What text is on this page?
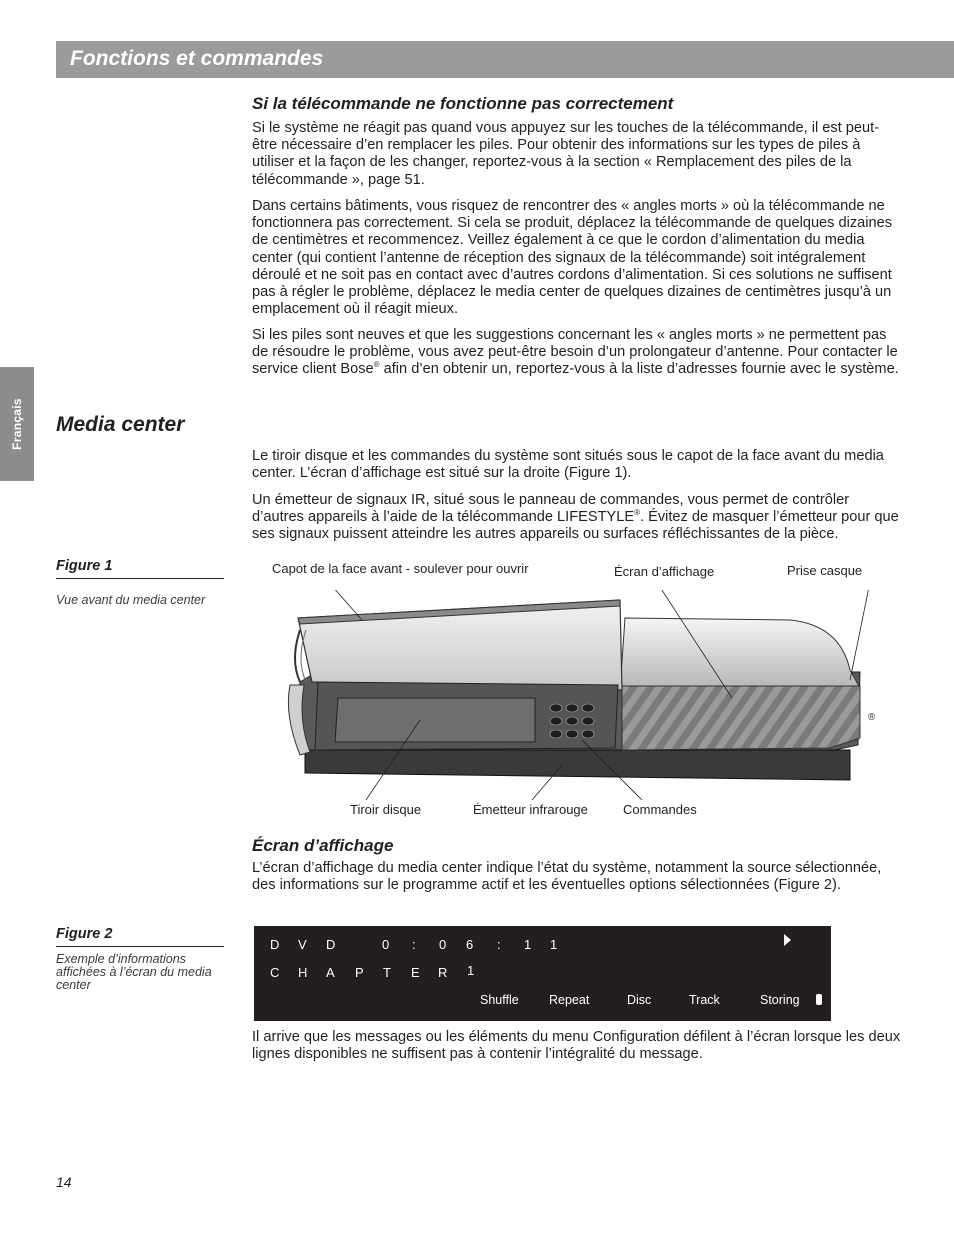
Fonctions et commandes
Français
Si la télécommande ne fonctionne pas correctement
Si le système ne réagit pas quand vous appuyez sur les touches de la télécommande, il est peut-être nécessaire d’en remplacer les piles. Pour obtenir des informations sur les types de piles à utiliser et la façon de les changer, reportez-vous à la section « Remplacement des piles de la télécommande », page 51.
Dans certains bâtiments, vous risquez de rencontrer des « angles morts » où la télécommande ne fonctionnera pas correctement. Si cela se produit, déplacez la télécommande de quelques dizaines de centimètres et recommencez. Veillez également à ce que le cordon d’alimentation du media center (qui contient l’antenne de réception des signaux de la télécommande) soit intégralement déroulé et ne soit pas en contact avec d’autres cordons d’alimentation. Si ces solutions ne suffisent pas à régler le problème, déplacez le media center de quelques dizaines de centimètres jusqu’à un emplacement où il réagit mieux.
Si les piles sont neuves et que les suggestions concernant les « angles morts » ne permettent pas de résoudre le problème, vous avez peut-être besoin d’un prolongateur d’antenne. Pour contacter le service client Bose® afin d’en obtenir un, reportez-vous à la liste d’adresses fournie avec le système.
Media center
Le tiroir disque et les commandes du système sont situés sous le capot de la face avant du media center. L’écran d’affichage est situé sur la droite (Figure 1).
Un émetteur de signaux IR, situé sous le panneau de commandes, vous permet de contrôler d’autres appareils à l’aide de la télécommande LIFESTYLE®. Évitez de masquer l’émetteur pour que ses signaux puissent atteindre les autres appareils ou surfaces réfléchissantes de la pièce.
Figure 1
Vue avant du media center
Capot de la face avant - soulever pour ouvrir	Écran d’affichage	Prise casque
Tiroir disque	Émetteur infrarouge	Commandes
®
Écran d’affichage
L’écran d’affichage du media center indique l’état du système, notamment la source sélectionnée, des informations sur le programme actif et les éventuelles options sélectionnées (Figure 2).
Figure 2
Exemple d’informations affichées à l’écran du media center
D V D	0 : 0 6 : 1 1
C H A P T E R 1
Shuffle Repeat	Disc	Track	Storing
Il arrive que les messages ou les éléments du menu Configuration défilent à l’écran lorsque les deux lignes disponibles ne suffisent pas à contenir l’intégralité du message.
14
